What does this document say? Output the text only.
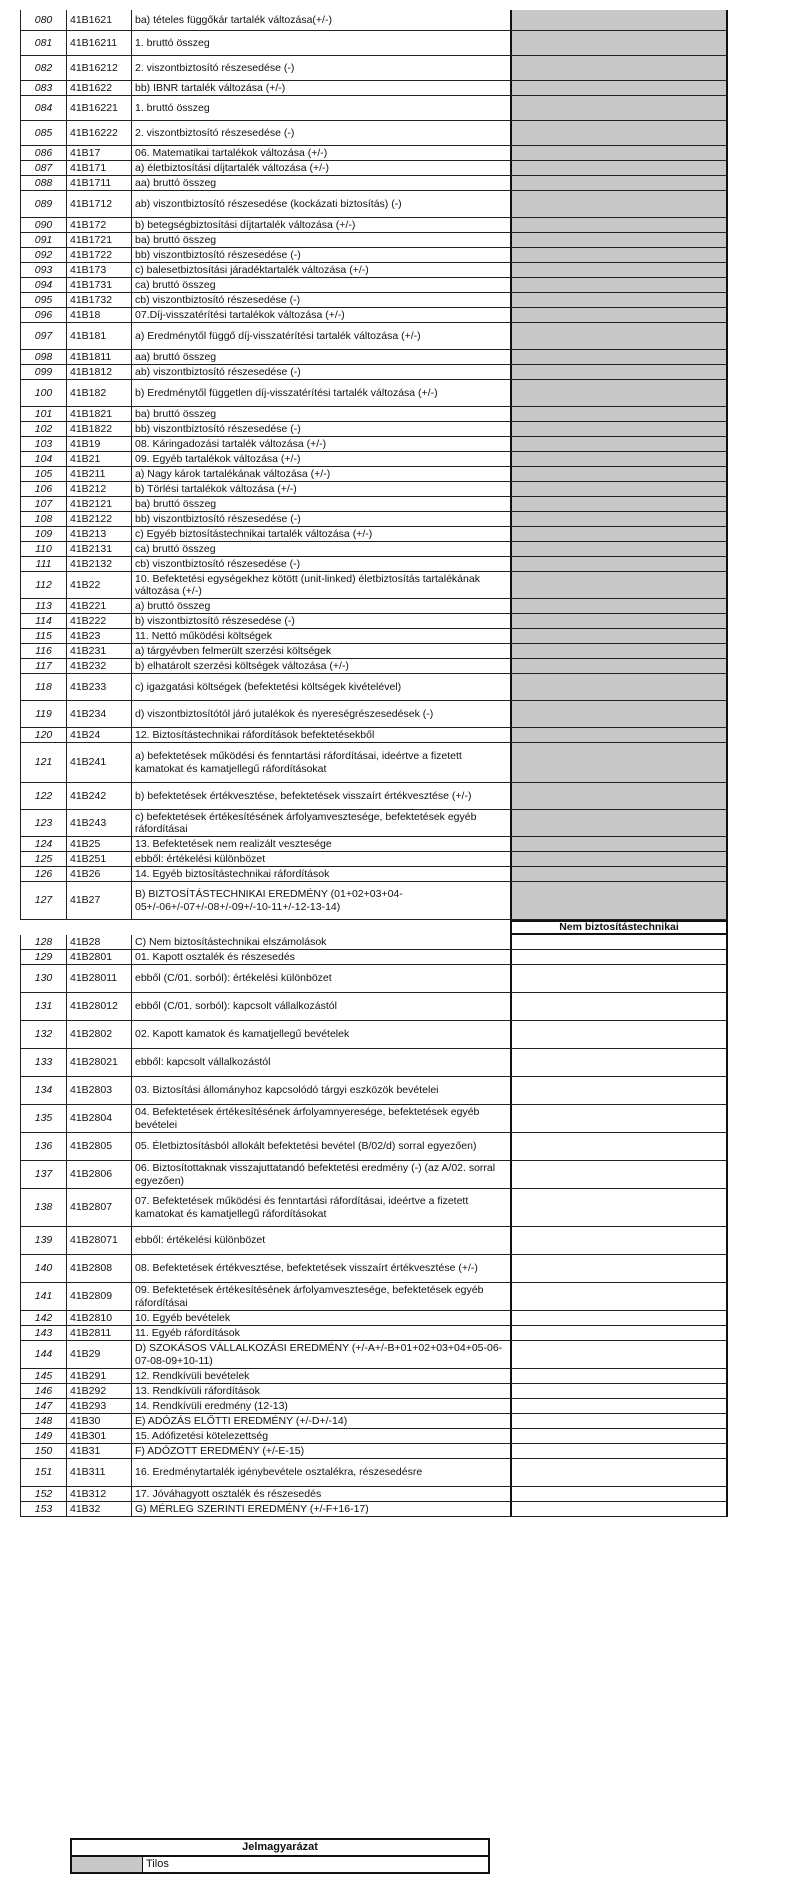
080	41B1621	ba) tételes függőkár tartalék változása(+/-)
081	41B16211	1. bruttó összeg
082	41B16212	2. viszontbiztosító részesedése (-)
083	41B1622	bb) IBNR tartalék változása (+/-)
084	41B16221	1. bruttó összeg
085	41B16222	2. viszontbiztosító részesedése (-)
086	41B17	06. Matematikai tartalékok változása (+/-)
087	41B171	a) életbiztosítási díjtartalék változása (+/-)
088	41B1711	aa) bruttó összeg
089	41B1712	ab) viszontbiztosító részesedése (kockázati biztosítás) (-)
090	41B172	b) betegségbiztosítási díjtartalék változása (+/-)
091	41B1721	ba) bruttó összeg
092	41B1722	bb) viszontbiztosító részesedése (-)
093	41B173	c) balesetbiztosítási járadéktartalék változása (+/-)
094	41B1731	ca) bruttó összeg
095	41B1732	cb) viszontbiztosító részesedése (-)
096	41B18	07.Díj-visszatérítési tartalékok változása (+/-)
097	41B181	a) Eredménytől függő díj-visszatérítési tartalék változása (+/-)
098	41B1811	aa) bruttó összeg
099	41B1812	ab) viszontbiztosító részesedése (-)
100	41B182	b) Eredménytől független díj-visszatérítési tartalék változása (+/-)
101	41B1821	ba) bruttó összeg
102	41B1822	bb) viszontbiztosító részesedése (-)
103	41B19	08. Káringadozási tartalék változása (+/-)
104	41B21	09. Egyéb tartalékok változása (+/-)
105	41B211	a) Nagy károk tartalékának változása (+/-)
106	41B212	b) Törlési tartalékok változása (+/-)
107	41B2121	ba) bruttó összeg
108	41B2122	bb) viszontbiztosító részesedése (-)
109	41B213	c) Egyéb biztosítástechnikai tartalék változása (+/-)
110	41B2131	ca) bruttó összeg
111	41B2132	cb) viszontbiztosító részesedése (-)
112	41B22
10. Befektetési egységekhez kötött (unit-linked) életbiztosítás tartalékának változása (+/-)
113	41B221	a) bruttó összeg
114	41B222	b) viszontbiztosító részesedése (-)
115	41B23	11. Nettó működési költségek
116	41B231	a) tárgyévben felmerült szerzési költségek
117	41B232	b) elhatárolt szerzési költségek változása (+/-)
118	41B233	c) igazgatási költségek (befektetési költségek kivételével)
119	41B234	d) viszontbiztosítótól járó jutalékok és nyereségrészesedések (-)
120	41B24	12. Biztosítástechnikai ráfordítások befektetésekből
121	41B241
a) befektetések működési és fenntartási ráfordításai, ideértve a fizetett kamatokat és kamatjellegű ráfordításokat
122	41B242	b) befektetések értékvesztése, befektetések visszaírt értékvesztése (+/-)
123	41B243
c) befektetések értékesítésének árfolyamvesztesége, befektetések egyéb ráfordításai
124	41B25	13. Befektetések nem realizált vesztesége
125	41B251	ebből: értékelési különbözet
126	41B26	14. Egyéb biztosítástechnikai ráfordítások
127	41B27
B) BIZTOSÍTÁSTECHNIKAI EREDMÉNY (01+02+03+04-05+/-06+/-07+/-08+/-09+/-10-11+/-12-13-14)
Nem biztosítástechnikai
128	41B28	C) Nem biztosítástechnikai elszámolások
129	41B2801	01. Kapott osztalék és részesedés
130	41B28011	ebből (C/01. sorból): értékelési különbözet
131	41B28012	ebből (C/01. sorból): kapcsolt vállalkozástól
132	41B2802	02. Kapott kamatok és kamatjellegű bevételek
133	41B28021	ebből: kapcsolt vállalkozástól
134	41B2803	03. Biztosítási állományhoz kapcsolódó tárgyi eszközök bevételei
135	41B2804
04. Befektetések értékesítésének árfolyamnyeresége, befektetések egyéb bevételei
136	41B2805	05. Életbiztosításból allokált befektetési bevétel (B/02/d) sorral egyezően)
137	41B2806
06. Biztosítottaknak visszajuttatandó befektetési eredmény (-) (az A/02. sorral egyezően)
138	41B2807
07. Befektetések működési és fenntartási ráfordításai, ideértve a fizetett kamatokat és kamatjellegű ráfordításokat
139	41B28071	ebből: értékelési különbözet
140	41B2808	08. Befektetések értékvesztése, befektetések visszaírt értékvesztése (+/-)
141	41B2809
09. Befektetések értékesítésének árfolyamvesztesége, befektetések egyéb ráfordításai
142	41B2810	10. Egyéb bevételek
143	41B2811	11. Egyéb ráfordítások
144	41B29
D) SZOKÁSOS VÁLLALKOZÁSI EREDMÉNY (+/-A+/-B+01+02+03+04+05-06-07-08-09+10-11)
145	41B291	12. Rendkívüli bevételek
146	41B292	13. Rendkívüli ráfordítások
147	41B293	14. Rendkívüli eredmény (12-13)
148	41B30	E) ADÓZÁS ELŐTTI EREDMÉNY (+/-D+/-14)
149	41B301	15. Adófizetési kötelezettség
150	41B31	F) ADÓZOTT EREDMÉNY (+/-E-15)
151	41B311	16. Eredménytartalék igénybevétele osztalékra, részesedésre
152	41B312	17. Jóváhagyott osztalék és részesedés
153	41B32	G) MÉRLEG SZERINTI EREDMÉNY (+/-F+16-17)
Jelmagyarázat
Tilos
